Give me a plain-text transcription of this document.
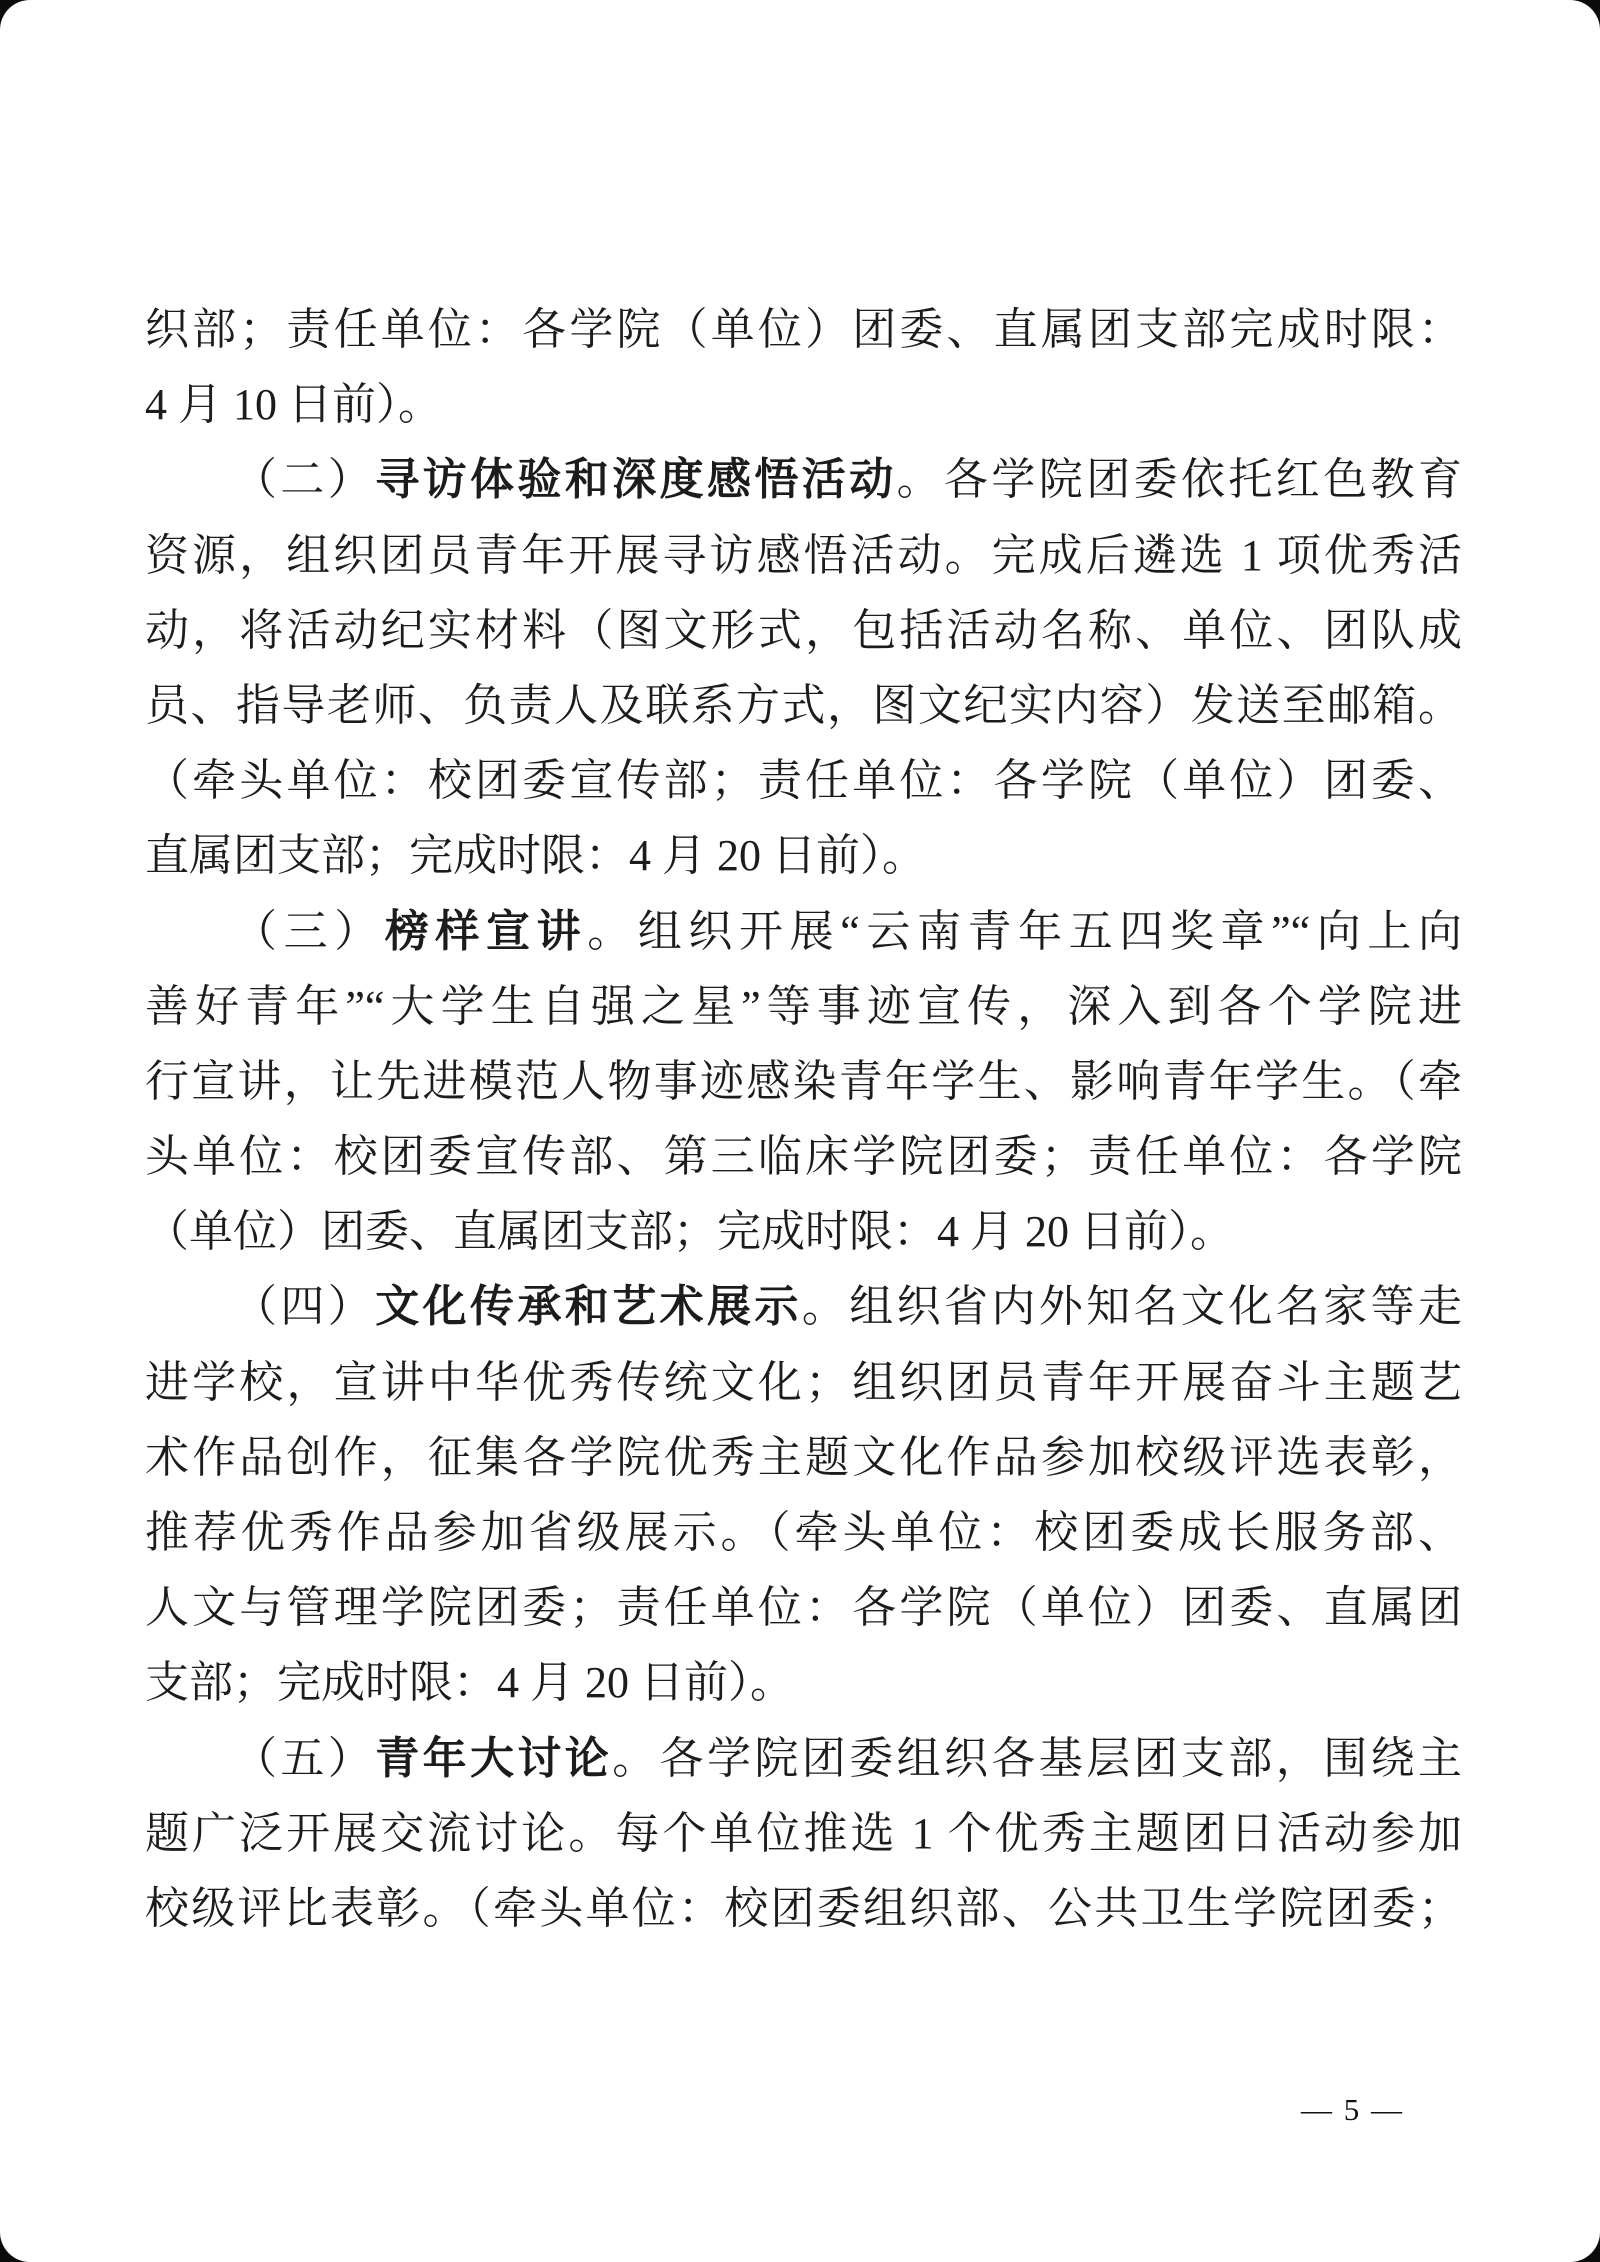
织部；责任单位：各学院（单位）团委、直属团支部完成时限：
4 月 10 日前）。
（二）寻访体验和深度感悟活动。各学院团委依托红色教育
资源，组织团员青年开展寻访感悟活动。完成后遴选 1 项优秀活
动，将活动纪实材料（图文形式，包括活动名称、单位、团队成
员、指导老师、负责人及联系方式，图文纪实内容）发送至邮箱。
（牵头单位：校团委宣传部；责任单位：各学院（单位）团委、
直属团支部；完成时限：4 月 20 日前）。
（三）榜样宣讲。组织开展“云南青年五四奖章”“向上向
善好青年”“大学生自强之星”等事迹宣传，深入到各个学院进
行宣讲，让先进模范人物事迹感染青年学生、影响青年学生。（牵
头单位：校团委宣传部、第三临床学院团委；责任单位：各学院
（单位）团委、直属团支部；完成时限：4 月 20 日前）。
（四）文化传承和艺术展示。组织省内外知名文化名家等走
进学校，宣讲中华优秀传统文化；组织团员青年开展奋斗主题艺
术作品创作，征集各学院优秀主题文化作品参加校级评选表彰，
推荐优秀作品参加省级展示。（牵头单位：校团委成长服务部、
人文与管理学院团委；责任单位：各学院（单位）团委、直属团
支部；完成时限：4 月 20 日前）。
（五）青年大讨论。各学院团委组织各基层团支部，围绕主
题广泛开展交流讨论。每个单位推选 1 个优秀主题团日活动参加
校级评比表彰。（牵头单位：校团委组织部、公共卫生学院团委；
— 5 —
